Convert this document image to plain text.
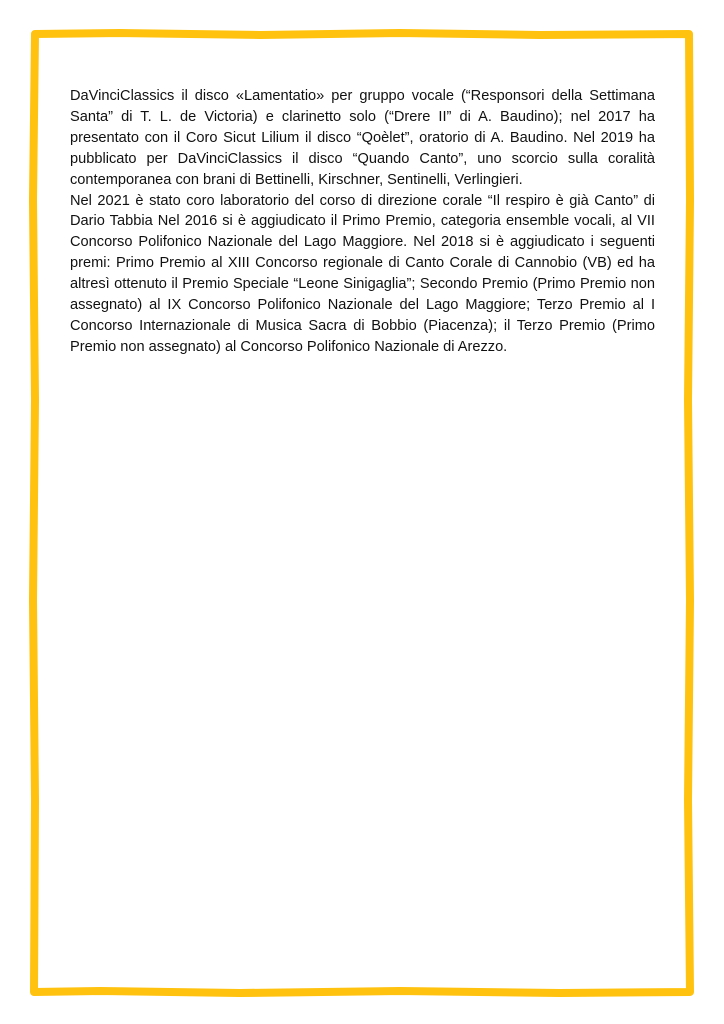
DaVinciClassics il disco «Lamentatio» per gruppo vocale (“Responsori della Settimana Santa” di T. L. de Victoria) e clarinetto solo (“Drere II” di A. Baudino); nel 2017 ha presentato con il Coro Sicut Lilium il disco “Qoèlet”, oratorio di A. Baudino. Nel 2019 ha pubblicato per DaVinciClassics il disco “Quando Canto”, uno scorcio sulla coralità contemporanea con brani di Bettinelli, Kirschner, Sentinelli, Verlingieri.

Nel 2021 è stato coro laboratorio del corso di direzione corale “Il respiro è già Canto” di Dario Tabbia Nel 2016 si è aggiudicato il Primo Premio, categoria ensemble vocali, al VII Concorso Polifonico Nazionale del Lago Maggiore. Nel 2018 si è aggiudicato i seguenti premi: Primo Premio al XIII Concorso regionale di Canto Corale di Cannobio (VB) ed ha altresì ottenuto il Premio Speciale “Leone Sinigaglia”; Secondo Premio (Primo Premio non assegnato) al IX Concorso Polifonico Nazionale del Lago Maggiore; Terzo Premio al I Concorso Internazionale di Musica Sacra di Bobbio (Piacenza); il Terzo Premio (Primo Premio non assegnato) al Concorso Polifonico Nazionale di Arezzo.
